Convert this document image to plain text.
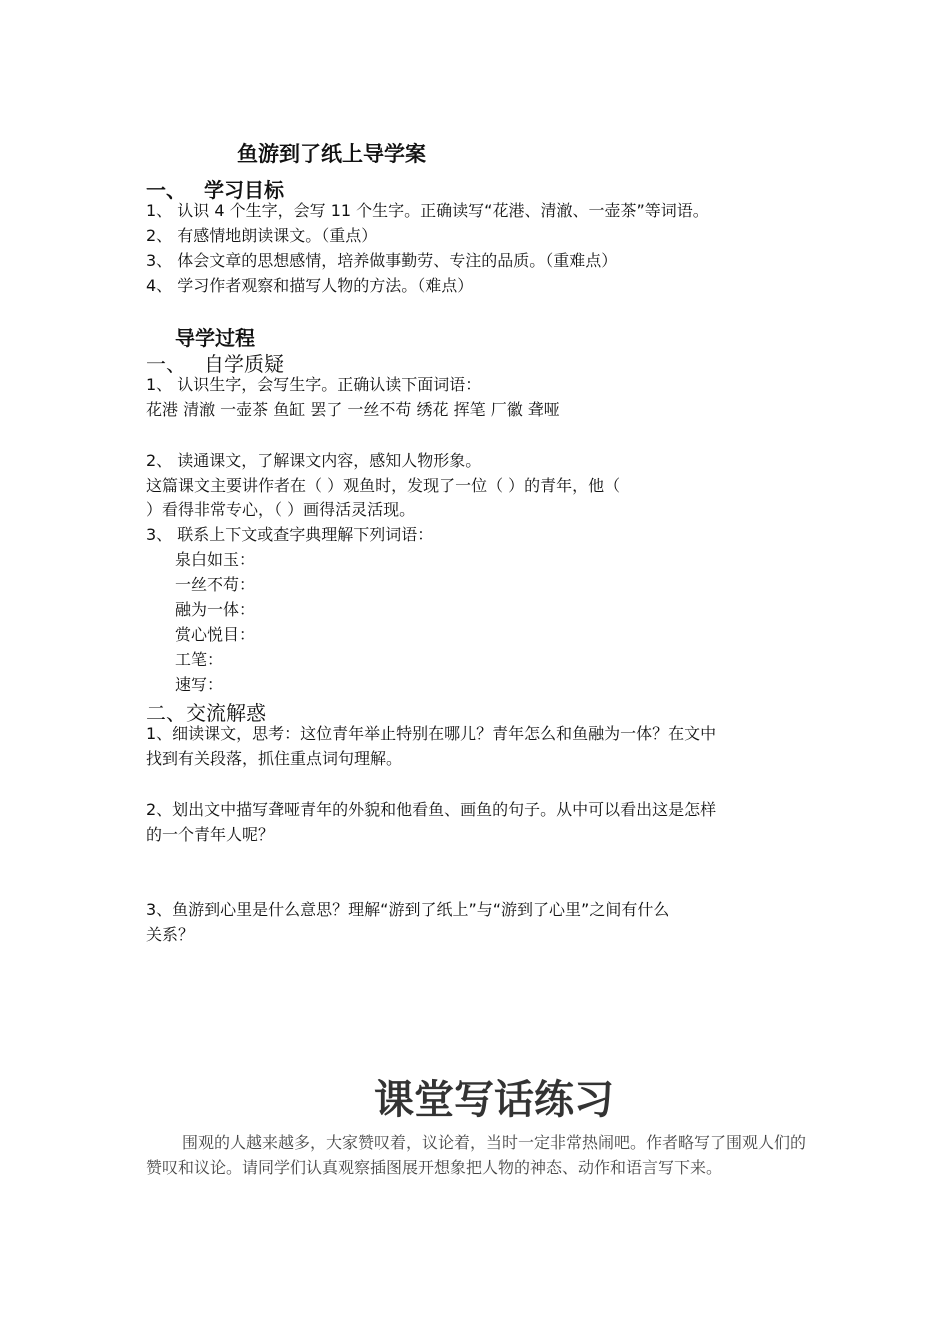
鱼游到了纸上导学案
一、 学习目标
1、 认识 4 个生字，会写 11 个生字。正确读写“花港、清澈、一壶茶”等词语。
2、 有感情地朗读课文。（重点）
3、 体会文章的思想感情，培养做事勤劳、专注的品质。（重难点）
4、 学习作者观察和描写人物的方法。（难点）
导学过程
一、 自学质疑
1、 认识生字，会写生字。正确认读下面词语：
花港 清澈 一壶茶 鱼缸 罢了 一丝不苟 绣花 挥笔 厂徽 聋哑
2、 读通课文，了解课文内容，感知人物形象。
这篇课文主要讲作者在（ ）观鱼时，发现了一位（ ）的青年，他（
）看得非常专心，（ ）画得活灵活现。
3、 联系上下文或查字典理解下列词语：
泉白如玉：
一丝不苟：
融为一体：
赏心悦目：
工笔：
速写：
二、交流解惑
1、细读课文，思考：这位青年举止特别在哪儿？青年怎么和鱼融为一体？在文中
找到有关段落，抓住重点词句理解。
2、划出文中描写聋哑青年的外貌和他看鱼、画鱼的句子。从中可以看出这是怎样
的一个青年人呢？
3、鱼游到心里是什么意思？理解“游到了纸上”与“游到了心里”之间有什么
关系？
课堂写话练习
围观的人越来越多，大家赞叹着，议论着，当时一定非常热闹吧。作者略写了围观人们的赞叹和议论。请同学们认真观察插图展开想象把人物的神态、动作和语言写下来。
